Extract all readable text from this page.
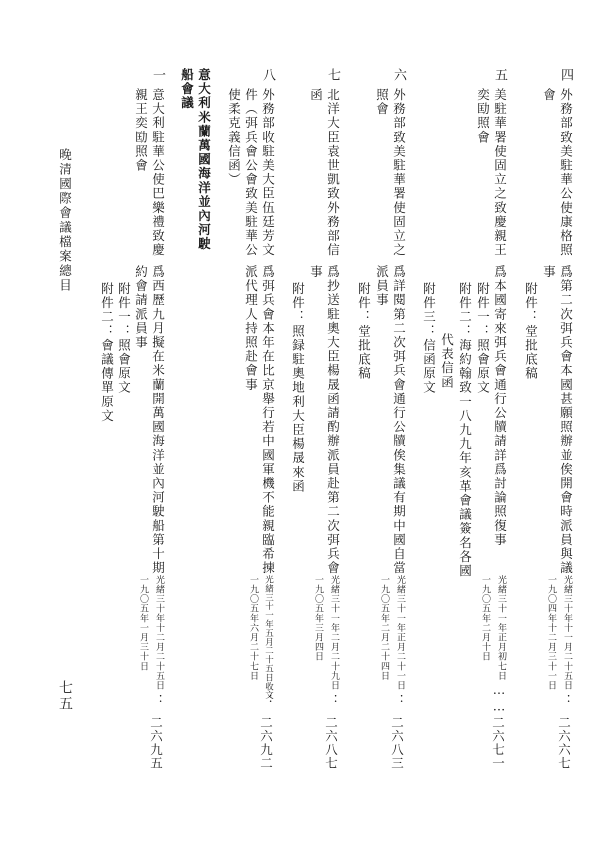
四
外務部致美駐華公使康格照
會
爲第二次弭兵會本國甚願照辦並俟開會時派員與議
事
附件：堂批底稿
光緒三十年十一月二十五日
一九〇四年十二月三十一日
：
二六六七
五
美駐華署使固立之致慶親王
奕劻照會
爲本國寄來弭兵會通行公牘請詳爲討論照復事
附件一：照會原文
附件二：海約翰致一八九九年亥革會議簽名各國
代表信函
附件三：信函原文
光緒三十一年正月初七日
一九〇五年二月十日
……
二六七一
六
外務部致美駐華署使固立之
照會
爲詳閱第二次弭兵會通行公牘俟集議有期中國自當
派員事
附件：堂批底稿
光緒三十一年正月二十一日
一九〇五年二月二十四日
：
二六八三
七
北洋大臣袁世凱致外務部信
函
爲抄送駐奧大臣楊晟函請酌辦派員赴第二次弭兵會
事
附件：照録駐奧地利大臣楊晟來函
光緒三十一年二月二十九日
一九〇五年三月四日
：
二六八七
八
外務部收駐美大臣伍廷芳文
件（弭兵會公會致美駐華公
使柔克義信函）
爲弭兵會本年在比京舉行若中國軍機不能親臨希揀
派代理人持照赴會事
光緒三十一年五月二十五日收文
一九〇五年六月二十七日
：
二六九二
意大利米蘭萬國海洋並內河駛
船會議
一
意大利駐華公使巴樂禮致慶
親王奕劻照會
爲西歷九月擬在米蘭開萬國海洋並內河駛船第十期
約會請派員事
附件一：照會原文
附件二：會議傳單原文
光緒三十年十二月二十五日
一九〇五年一月三十日
：
二六九五
晚清國際會議檔案總目
七五
